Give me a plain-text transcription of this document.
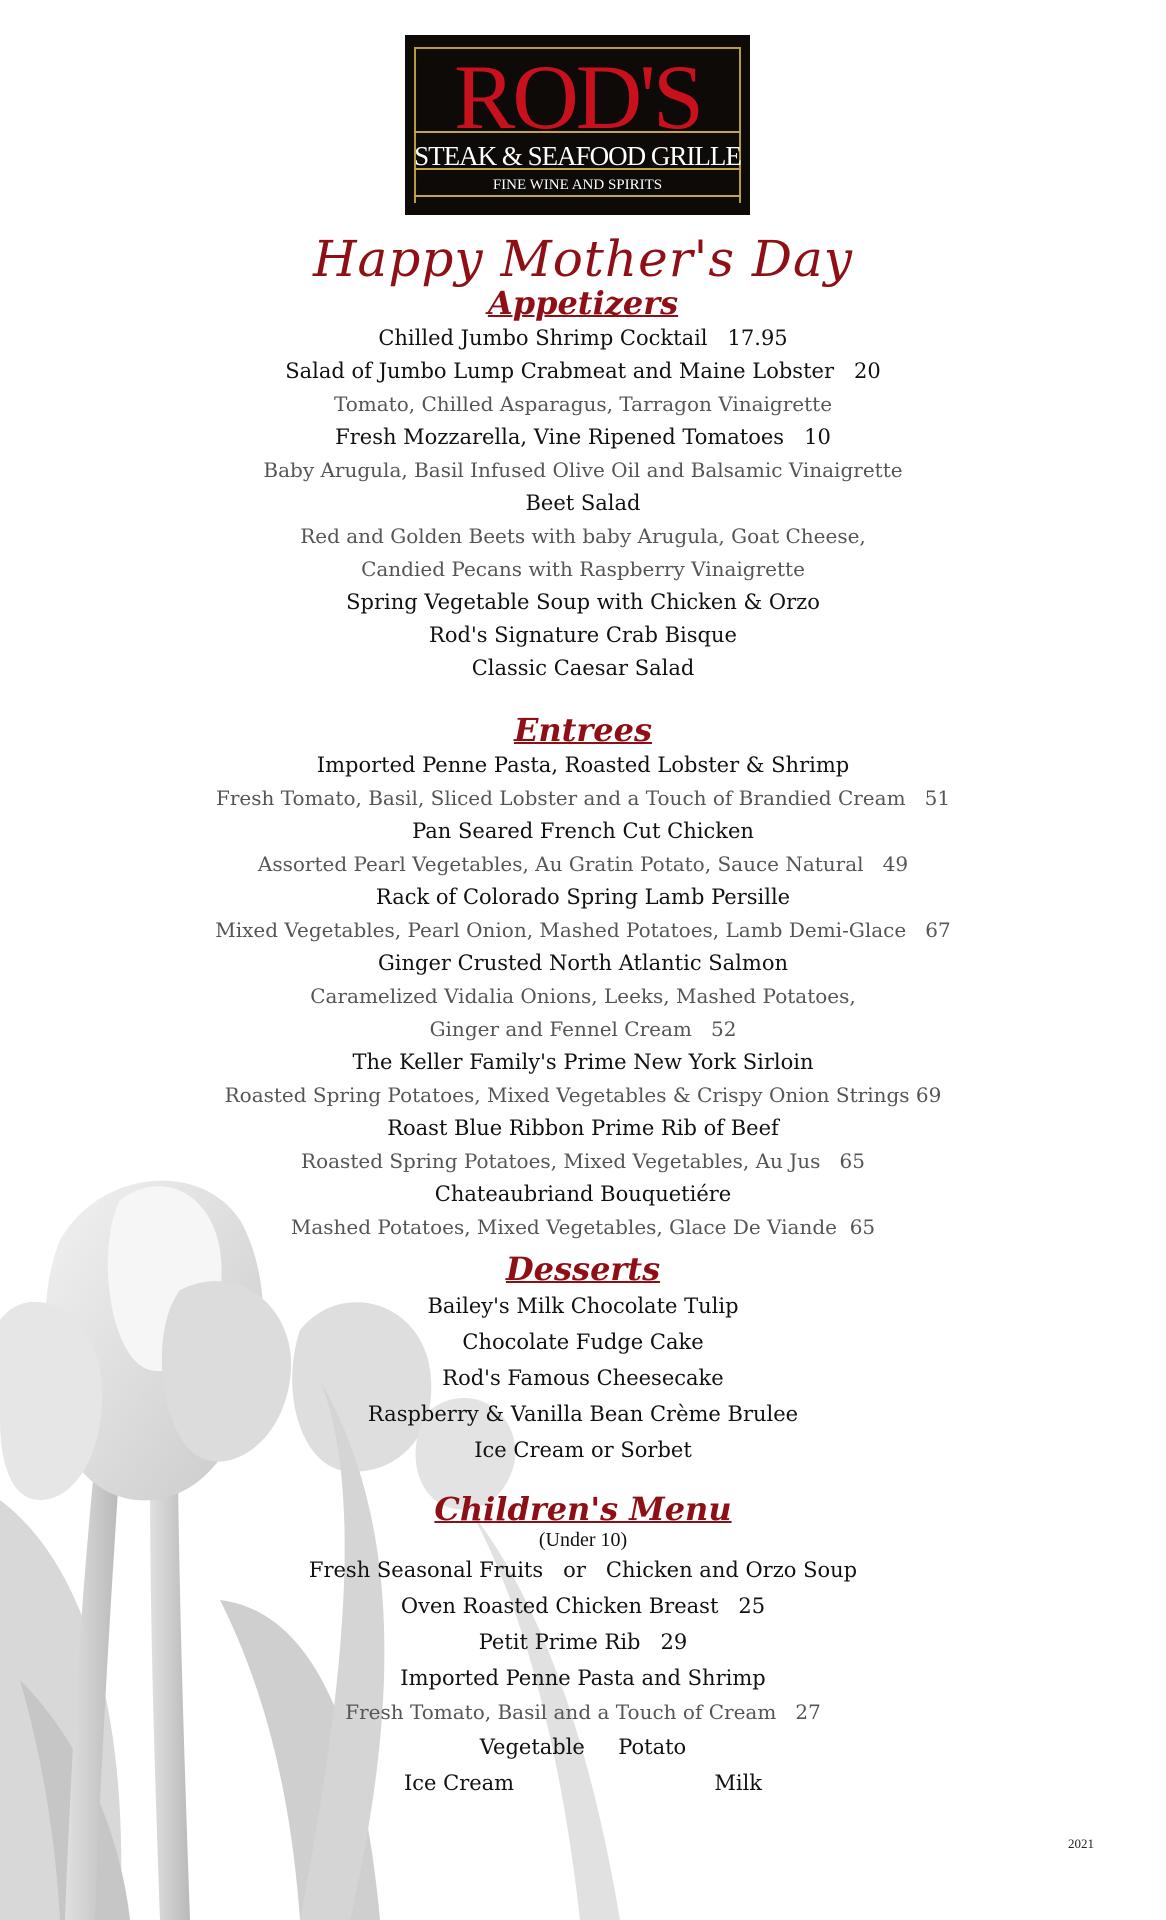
ROD'S
STEAK & SEAFOOD GRILLE
FINE WINE AND SPIRITS
Happy Mother's Day
Appetizers
Chilled Jumbo Shrimp Cocktail   17.95
Salad of Jumbo Lump Crabmeat and Maine Lobster   20
Tomato, Chilled Asparagus, Tarragon Vinaigrette
Fresh Mozzarella, Vine Ripened Tomatoes   10
Baby Arugula, Basil Infused Olive Oil and Balsamic Vinaigrette
Beet Salad
Red and Golden Beets with baby Arugula, Goat Cheese,
Candied Pecans with Raspberry Vinaigrette
Spring Vegetable Soup with Chicken & Orzo
Rod's Signature Crab Bisque
Classic Caesar Salad
Entrees
Imported Penne Pasta, Roasted Lobster & Shrimp
Fresh Tomato, Basil, Sliced Lobster and a Touch of Brandied Cream   51
Pan Seared French Cut Chicken
Assorted Pearl Vegetables, Au Gratin Potato, Sauce Natural   49
Rack of Colorado Spring Lamb Persille
Mixed Vegetables, Pearl Onion, Mashed Potatoes, Lamb Demi-Glace   67
Ginger Crusted North Atlantic Salmon
Caramelized Vidalia Onions, Leeks, Mashed Potatoes,
Ginger and Fennel Cream   52
The Keller Family's Prime New York Sirloin
Roasted Spring Potatoes, Mixed Vegetables & Crispy Onion Strings 69
Roast Blue Ribbon Prime Rib of Beef
Roasted Spring Potatoes, Mixed Vegetables, Au Jus   65
Chateaubriand Bouquetiére
Mashed Potatoes, Mixed Vegetables, Glace De Viande  65
Desserts
Bailey's Milk Chocolate Tulip
Chocolate Fudge Cake
Rod's Famous Cheesecake
Raspberry & Vanilla Bean Crème Brulee
Ice Cream or Sorbet
Children's Menu
(Under 10)
Fresh Seasonal Fruits   or   Chicken and Orzo Soup
Oven Roasted Chicken Breast   25
Petit Prime Rib   29
Imported Penne Pasta and Shrimp
Fresh Tomato, Basil and a Touch of Cream   27
Vegetable     Potato
Ice Cream                              Milk
2021
